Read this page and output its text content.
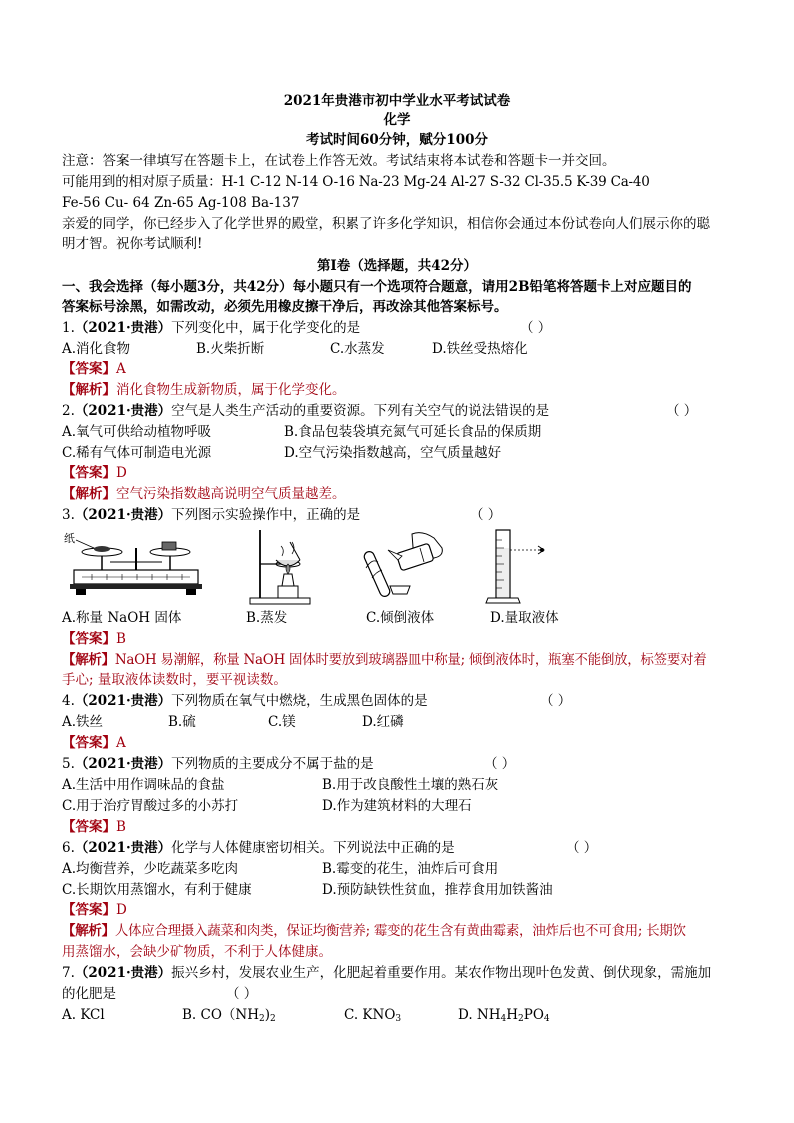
2021年贵港市初中学业水平考试试卷
化学
考试时间60分钟，赋分100分
注意：答案一律填写在答题卡上，在试卷上作答无效。考试结束将本试卷和答题卡一并交回。
可能用到的相对原子质量：H-1 C-12 N-14 O-16 Na-23 Mg-24 Al-27 S-32 Cl-35.5 K-39 Ca-40
Fe-56 Cu- 64 Zn-65 Ag-108 Ba-137
亲爱的同学，你已经步入了化学世界的殿堂，积累了许多化学知识，相信你会通过本份试卷向人们展示你的聪
明才智。祝你考试顺利!
第Ⅰ卷（选择题，共42分）
一、我会选择（每小题3分，共42分）每小题只有一个选项符合题意，请用2B铅笔将答题卡上对应题目的
答案标号涂黑，如需改动，必须先用橡皮擦干净后，再改涂其他答案标号。
1.（2021·贵港）下列变化中，属于化学变化的是	（ ）
A.消化食物	B.火柴折断	C.水蒸发	D.铁丝受热熔化
【答案】A
【解析】消化食物生成新物质，属于化学变化。
2.（2021·贵港）空气是人类生产活动的重要资源。下列有关空气的说法错误的是	（ ）
A.氧气可供给动植物呼吸	B.食品包装袋填充氮气可延长食品的保质期
C.稀有气体可制造电光源	D.空气污染指数越高，空气质量越好
【答案】D
【解析】空气污染指数越高说明空气质量越差。
3.（2021·贵港）下列图示实验操作中，正确的是	（ ）
纸
A.称量 NaOH 固体	B.蒸发	C.倾倒液体	D.量取液体
【答案】B
【解析】NaOH 易潮解，称量 NaOH 固体时要放到玻璃器皿中称量; 倾倒液体时，瓶塞不能倒放，标签要对着
手心; 量取液体读数时，要平视读数。
4.（2021·贵港）下列物质在氧气中燃烧，生成黑色固体的是	（ ）
A.铁丝	B.硫	C.镁	D.红磷
【答案】A
5.（2021·贵港）下列物质的主要成分不属于盐的是	（ ）
A.生活中用作调味品的食盐	B.用于改良酸性土壤的熟石灰
C.用于治疗胃酸过多的小苏打	D.作为建筑材料的大理石
【答案】B
6.（2021·贵港）化学与人体健康密切相关。下列说法中正确的是	（ ）
A.均衡营养，少吃蔬菜多吃肉	B.霉变的花生，油炸后可食用
C.长期饮用蒸馏水，有利于健康	D.预防缺铁性贫血，推荐食用加铁酱油
【答案】D
【解析】人体应合理摄入蔬菜和肉类，保证均衡营养; 霉变的花生含有黄曲霉素，油炸后也不可食用; 长期饮
用蒸馏水，会缺少矿物质，不利于人体健康。
7.（2021·贵港）振兴乡村，发展农业生产，化肥起着重要作用。某农作物出现叶色发黄、倒伏现象，需施加
的化肥是	（ ）
A. KCl	B. $CO(NH_2)_2$	C. $KNO_3$	D. $NH_4H_2PO_4$
